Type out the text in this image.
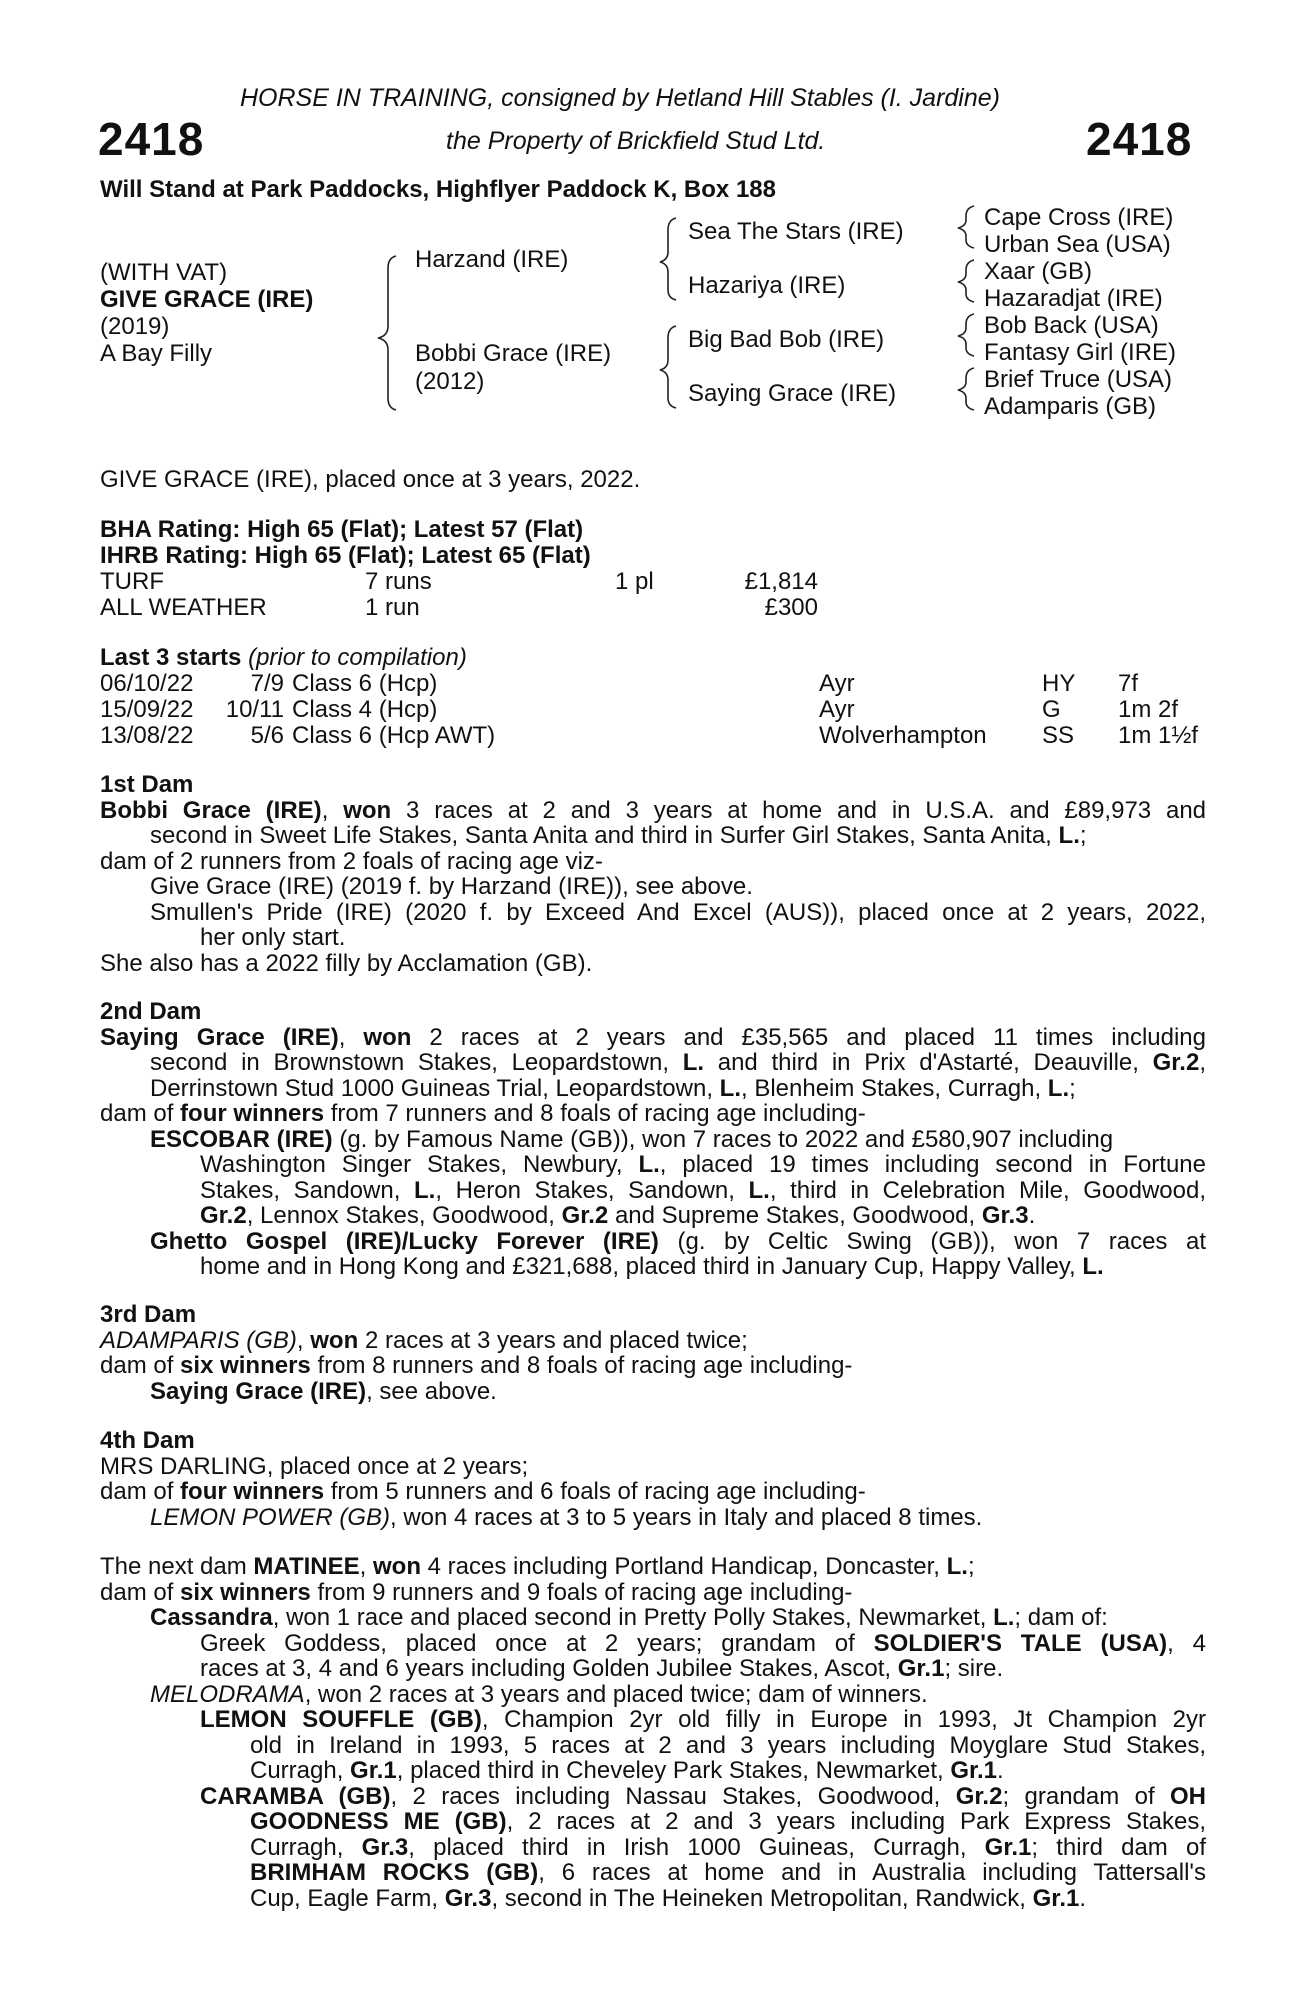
HORSE IN TRAINING, consigned by Hetland Hill Stables (I. Jardine)
2418	the Property of Brickfield Stud Ltd.	2418
Will Stand at Park Paddocks, Highflyer Paddock K, Box 188
(WITH VAT)
GIVE GRACE (IRE)
(2019)
A Bay Filly
Harzand (IRE)
Bobbi Grace (IRE)
(2012)
Sea The Stars (IRE)
Hazariya (IRE)
Big Bad Bob (IRE)
Saying Grace (IRE)
Cape Cross (IRE)
Urban Sea (USA)
Xaar (GB)
Hazaradjat (IRE)
Bob Back (USA)
Fantasy Girl (IRE)
Brief Truce (USA)
Adamparis (GB)
GIVE GRACE (IRE), placed once at 3 years, 2022.
BHA Rating: High 65 (Flat); Latest 57 (Flat)
IHRB Rating: High 65 (Flat); Latest 65 (Flat)
TURF	7 runs	1 pl	£1,814
ALL WEATHER	1 run	£300
Last 3 starts (prior to compilation)
06/10/22 7/9 Class 6 (Hcp)	Ayr	HY 7f
15/09/22 10/11 Class 4 (Hcp)	Ayr	G 1m 2f
13/08/22 5/6 Class 6 (Hcp AWT)	Wolverhampton SS 1m 1½f
1st Dam
Bobbi Grace (IRE), won 3 races at 2 and 3 years at home and in U.S.A. and £89,973 and
second in Sweet Life Stakes, Santa Anita and third in Surfer Girl Stakes, Santa Anita, L.;
dam of 2 runners from 2 foals of racing age viz-
Give Grace (IRE) (2019 f. by Harzand (IRE)), see above.
Smullen's Pride (IRE) (2020 f. by Exceed And Excel (AUS)), placed once at 2 years, 2022,
her only start.
She also has a 2022 filly by Acclamation (GB).
2nd Dam
Saying Grace (IRE), won 2 races at 2 years and £35,565 and placed 11 times including
second in Brownstown Stakes, Leopardstown, L. and third in Prix d'Astarté, Deauville, Gr.2,
Derrinstown Stud 1000 Guineas Trial, Leopardstown, L., Blenheim Stakes, Curragh, L.;
dam of four winners from 7 runners and 8 foals of racing age including-
ESCOBAR (IRE) (g. by Famous Name (GB)), won 7 races to 2022 and £580,907 including
Washington Singer Stakes, Newbury, L., placed 19 times including second in Fortune
Stakes, Sandown, L., Heron Stakes, Sandown, L., third in Celebration Mile, Goodwood,
Gr.2, Lennox Stakes, Goodwood, Gr.2 and Supreme Stakes, Goodwood, Gr.3.
Ghetto Gospel (IRE)/Lucky Forever (IRE) (g. by Celtic Swing (GB)), won 7 races at
home and in Hong Kong and £321,688, placed third in January Cup, Happy Valley, L.
3rd Dam
ADAMPARIS (GB), won 2 races at 3 years and placed twice;
dam of six winners from 8 runners and 8 foals of racing age including-
Saying Grace (IRE), see above.
4th Dam
MRS DARLING, placed once at 2 years;
dam of four winners from 5 runners and 6 foals of racing age including-
LEMON POWER (GB), won 4 races at 3 to 5 years in Italy and placed 8 times.
The next dam MATINEE, won 4 races including Portland Handicap, Doncaster, L.;
dam of six winners from 9 runners and 9 foals of racing age including-
Cassandra, won 1 race and placed second in Pretty Polly Stakes, Newmarket, L.; dam of:
Greek Goddess, placed once at 2 years; grandam of SOLDIER'S TALE (USA), 4
races at 3, 4 and 6 years including Golden Jubilee Stakes, Ascot, Gr.1; sire.
MELODRAMA, won 2 races at 3 years and placed twice; dam of winners.
LEMON SOUFFLE (GB), Champion 2yr old filly in Europe in 1993, Jt Champion 2yr
old in Ireland in 1993, 5 races at 2 and 3 years including Moyglare Stud Stakes,
Curragh, Gr.1, placed third in Cheveley Park Stakes, Newmarket, Gr.1.
CARAMBA (GB), 2 races including Nassau Stakes, Goodwood, Gr.2; grandam of OH
GOODNESS ME (GB), 2 races at 2 and 3 years including Park Express Stakes,
Curragh, Gr.3, placed third in Irish 1000 Guineas, Curragh, Gr.1; third dam of
BRIMHAM ROCKS (GB), 6 races at home and in Australia including Tattersall's
Cup, Eagle Farm, Gr.3, second in The Heineken Metropolitan, Randwick, Gr.1.
